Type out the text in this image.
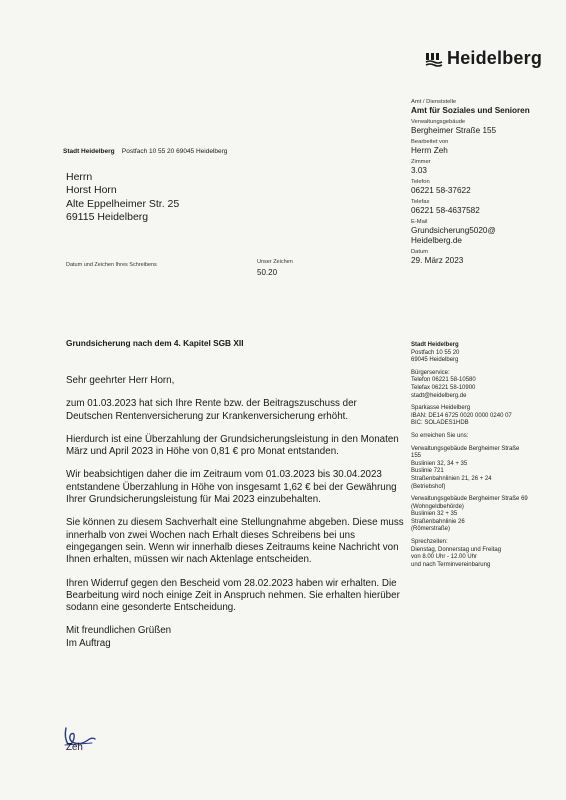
Heidelberg
Stadt Heidelberg Postfach 10 55 20 69045 Heidelberg
Herrn
Horst Horn
Alte Eppelheimer Str. 25
69115 Heidelberg
Datum und Zeichen Ihres Schreibens	Unser Zeichen
50.20
Amt / Dienststelle
Amt für Soziales und Senioren
Verwaltungsgebäude
Bergheimer Straße 155
Bearbeitet von
Herrn Zeh
Zimmer
3.03
Telefon
06221 58-37622
Telefax
06221 58-4637582
E-Mail
Grundsicherung5020@
Heidelberg.de
Datum
29. März 2023
Stadt Heidelberg
Postfach 10 55 20
69045 Heidelberg
Bürgerservice:
Telefon 06221 58-10580
Telefax 06221 58-10900
stadt@heidelberg.de
Sparkasse Heidelberg
IBAN: DE14 6725 0020 0000 0240 07
BIC: SOLADES1HDB
So erreichen Sie uns:
Verwaltungsgebäude Bergheimer Straße
155
Buslinien 32, 34 + 35
Buslinie 721
Straßenbahnlinien 21, 26 + 24
(Betriebshof)
Verwaltungsgebäude Bergheimer Straße 69
(Wohngeldbehörde)
Buslinien 32 + 35
Straßenbahnlinie 26
(Römerstraße)
Sprechzeiten:
Dienstag, Donnerstag und Freitag
von 8.00 Uhr - 12.00 Uhr
und nach Terminvereinbarung
Grundsicherung nach dem 4. Kapitel SGB XII

Sehr geehrter Herr Horn,

zum 01.03.2023 hat sich Ihre Rente bzw. der Beitragszuschuss der Deutschen Rentenversicherung zur Krankenversicherung erhöht.

Hierdurch ist eine Überzahlung der Grundsicherungsleistung in den Monaten März und April 2023 in Höhe von 0,81 € pro Monat entstanden.

Wir beabsichtigen daher die im Zeitraum vom 01.03.2023 bis 30.04.2023 entstandene Überzahlung in Höhe von insgesamt 1,62 € bei der Gewährung Ihrer Grundsicherungsleistung für Mai 2023 einzubehalten.

Sie können zu diesem Sachverhalt eine Stellungnahme abgeben. Diese muss innerhalb von zwei Wochen nach Erhalt dieses Schreibens bei uns eingegangen sein. Wenn wir innerhalb dieses Zeitraums keine Nachricht von Ihnen erhalten, müssen wir nach Aktenlage entscheiden.

Ihren Widerruf gegen den Bescheid vom 28.02.2023 haben wir erhalten. Die Bearbeitung wird noch einige Zeit in Anspruch nehmen. Sie erhalten hierüber sodann eine gesonderte Entscheidung.

Mit freundlichen Grüßen
Im Auftrag
Zeh
